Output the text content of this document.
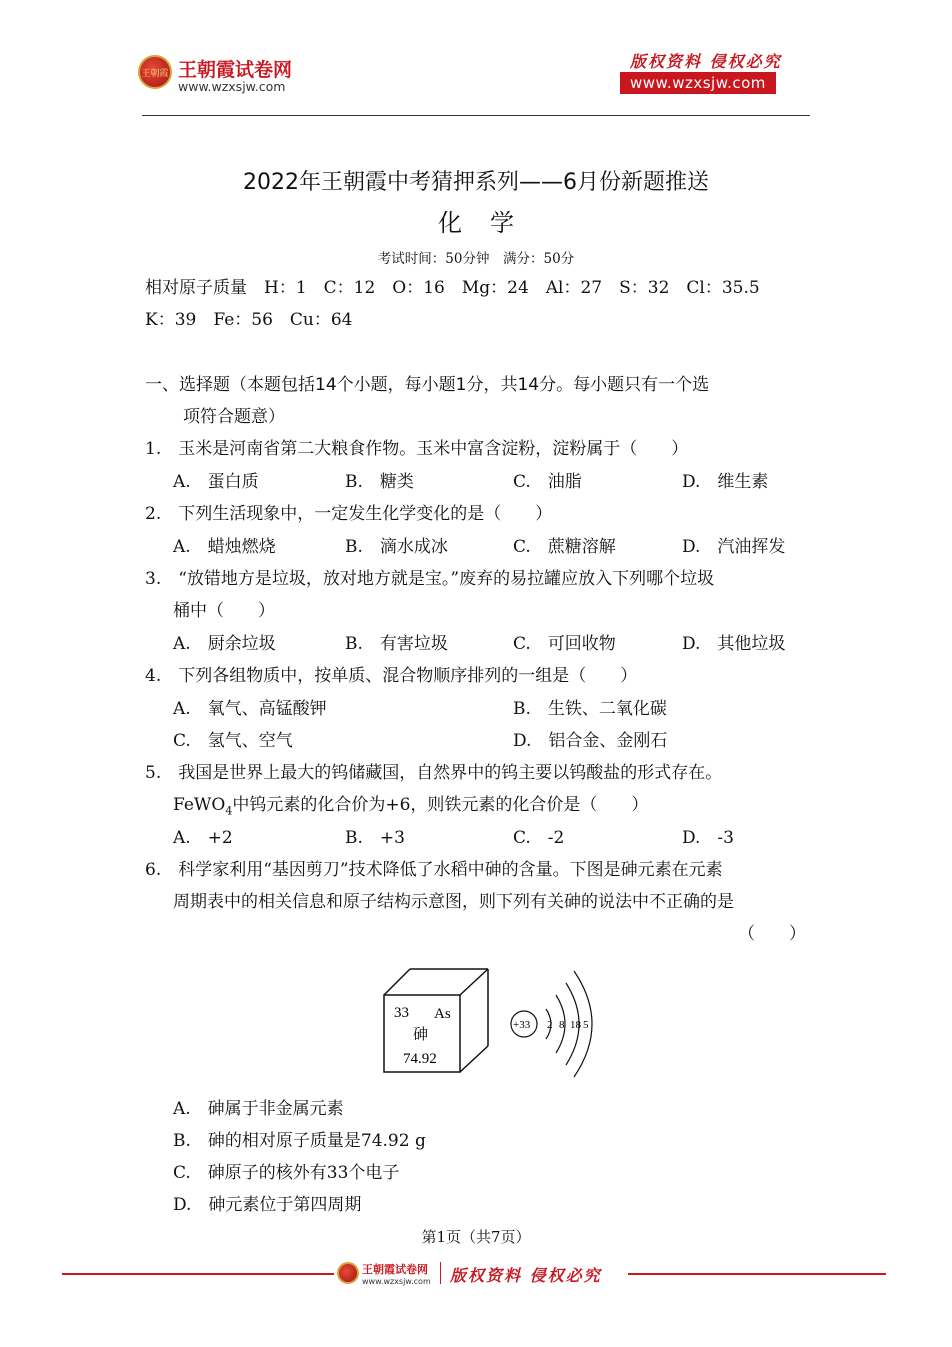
王朝霞 王朝霞试卷网
www.wzxsjw.com
版权资料 侵权必究
www.wzxsjw.com
2022年王朝霞中考猜押系列——6月份新题推送
化学
考试时间：50分钟　满分：50分
相对原子质量　H：1　C：12　O：16　Mg：24　Al：27　S：32　Cl：35.5
K：39　Fe：56　Cu：64
一、选择题（本题包括14个小题，每小题1分，共14分。每小题只有一个选
项符合题意）
1.　玉米是河南省第二大粮食作物。玉米中富含淀粉，淀粉属于（　　）
A.　蛋白质	B.　糖类	C.　油脂	D.　维生素
2.　下列生活现象中，一定发生化学变化的是（　　）
A.　蜡烛燃烧	B.　滴水成冰	C.　蔗糖溶解	D.　汽油挥发
3.　“放错地方是垃圾，放对地方就是宝。”废弃的易拉罐应放入下列哪个垃圾
桶中（　　）
A.　厨余垃圾	B.　有害垃圾	C.　可回收物	D.　其他垃圾
4.　下列各组物质中，按单质、混合物顺序排列的一组是（　　）
A.　氧气、高锰酸钾	B.　生铁、二氧化碳
C.　氢气、空气	D.　铝合金、金刚石
5.　我国是世界上最大的钨储藏国，自然界中的钨主要以钨酸盐的形式存在。
FeWO$_4$中钨元素的化合价为+6，则铁元素的化合价是（　　）
A.　+2	B.　+3	C.　-2	D.　-3
6.　科学家利用“基因剪刀”技术降低了水稻中砷的含量。下图是砷元素在元素
周期表中的相关信息和原子结构示意图，则下列有关砷的说法中不正确的是
（　　）
33 As
砷
74.92
+33 2 8 18 5
A.　砷属于非金属元素
B.　砷的相对原子质量是74.92 g
C.　砷原子的核外有33个电子
D.　砷元素位于第四周期
第1页（共7页）
王朝霞试卷网
www.wzxsjw.com 版权资料 侵权必究
